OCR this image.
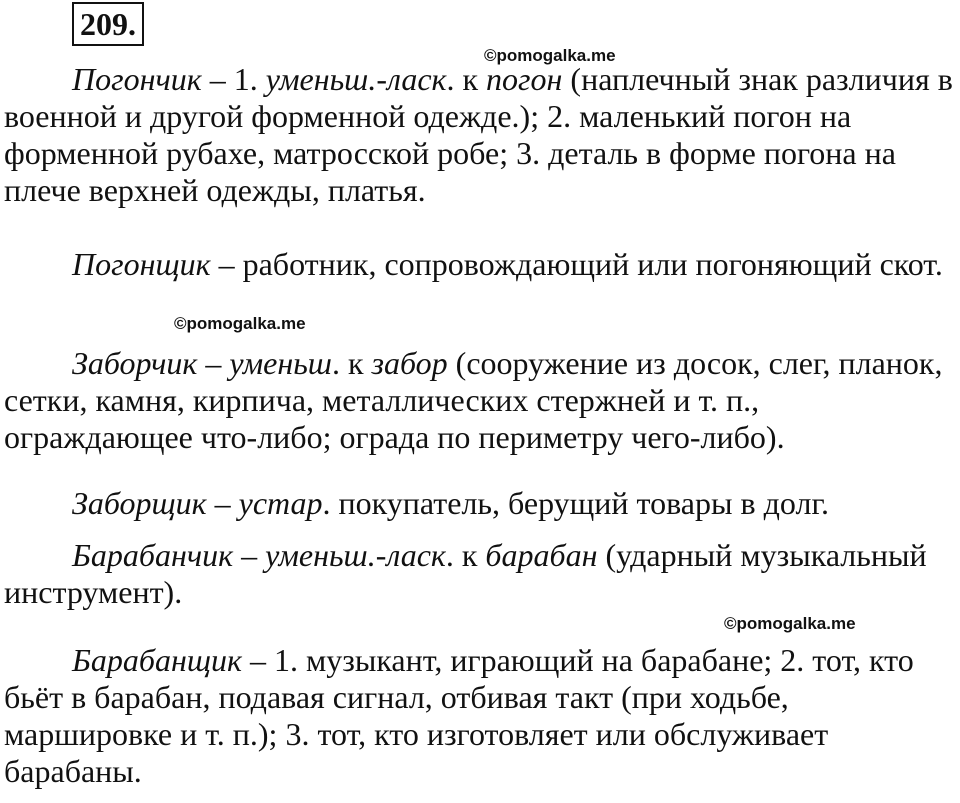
209.
©pomogalka.me
©pomogalka.me
©pomogalka.me

Погончик – 1. уменьш.-ласк. к погон (наплечный знак различия в военной и другой форменной одежде.); 2. маленький погон на форменной рубахе, матросской робе; 3. деталь в форме погона на плече верхней одежды, платья.

Погонщик – работник, сопровождающий или погоняющий скот.

Заборчик – уменьш. к забор (сооружение из досок, слег, планок, сетки, камня, кирпича, металлических стержней и т. п., ограждающее что-либо; ограда по периметру чего-либо).

Заборщик – устар. покупатель, берущий товары в долг.

Барабанчик – уменьш.-ласк. к барабан (ударный музыкальный инструмент).

Барабанщик – 1. музыкант, играющий на барабане; 2. тот, кто бьёт в барабан, подавая сигнал, отбивая такт (при ходьбе, маршировке и т. п.); 3. тот, кто изготовляет или обслуживает барабаны.
